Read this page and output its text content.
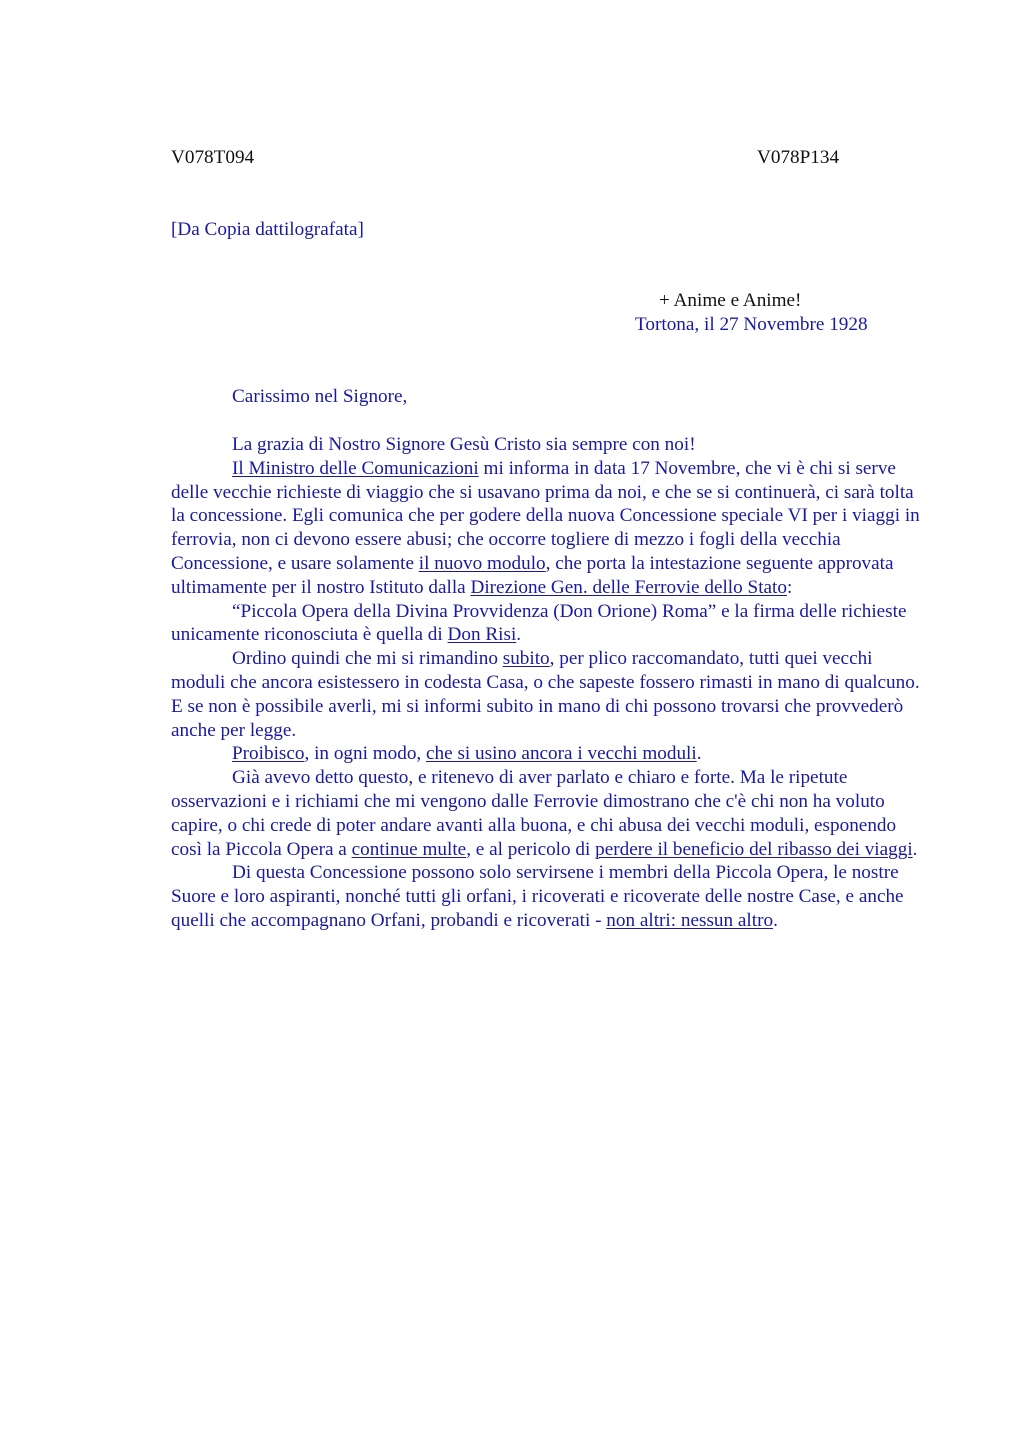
V078T094	V078P134
[Da Copia dattilografata]
+ Anime e Anime!
Tortona, il 27 Novembre 1928
Carissimo nel Signore,

La grazia di Nostro Signore Gesù Cristo sia sempre con noi!

Il Ministro delle Comunicazioni mi informa in data 17 Novembre, che vi è chi si serve delle vecchie richieste di viaggio che si usavano prima da noi, e che se si continuerà, ci sarà tolta la concessione. Egli comunica che per godere della nuova Concessione speciale VI per i viaggi in ferrovia, non ci devono essere abusi; che occorre togliere di mezzo i fogli della vecchia Concessione, e usare solamente il nuovo modulo, che porta la intestazione seguente approvata ultimamente per il nostro Istituto dalla Direzione Gen. delle Ferrovie dello Stato:

“Piccola Opera della Divina Provvidenza (Don Orione) Roma” e la firma delle richieste unicamente riconosciuta è quella di Don Risi.

Ordino quindi che mi si rimandino subito, per plico raccomandato, tutti quei vecchi moduli che ancora esistessero in codesta Casa, o che sapeste fossero rimasti in mano di qualcuno. E se non è possibile averli, mi si informi subito in mano di chi possono trovarsi che provvederò anche per legge.

Proibisco, in ogni modo, che si usino ancora i vecchi moduli.

Già avevo detto questo, e ritenevo di aver parlato e chiaro e forte. Ma le ripetute osservazioni e i richiami che mi vengono dalle Ferrovie dimostrano che c'è chi non ha voluto capire, o chi crede di poter andare avanti alla buona, e chi abusa dei vecchi moduli, esponendo così la Piccola Opera a continue multe, e al pericolo di perdere il beneficio del ribasso dei viaggi.

Di questa Concessione possono solo servirsene i membri della Piccola Opera, le nostre Suore e loro aspiranti, nonché tutti gli orfani, i ricoverati e ricoverate delle nostre Case, e anche quelli che accompagnano Orfani, probandi e ricoverati - non altri: nessun altro.
